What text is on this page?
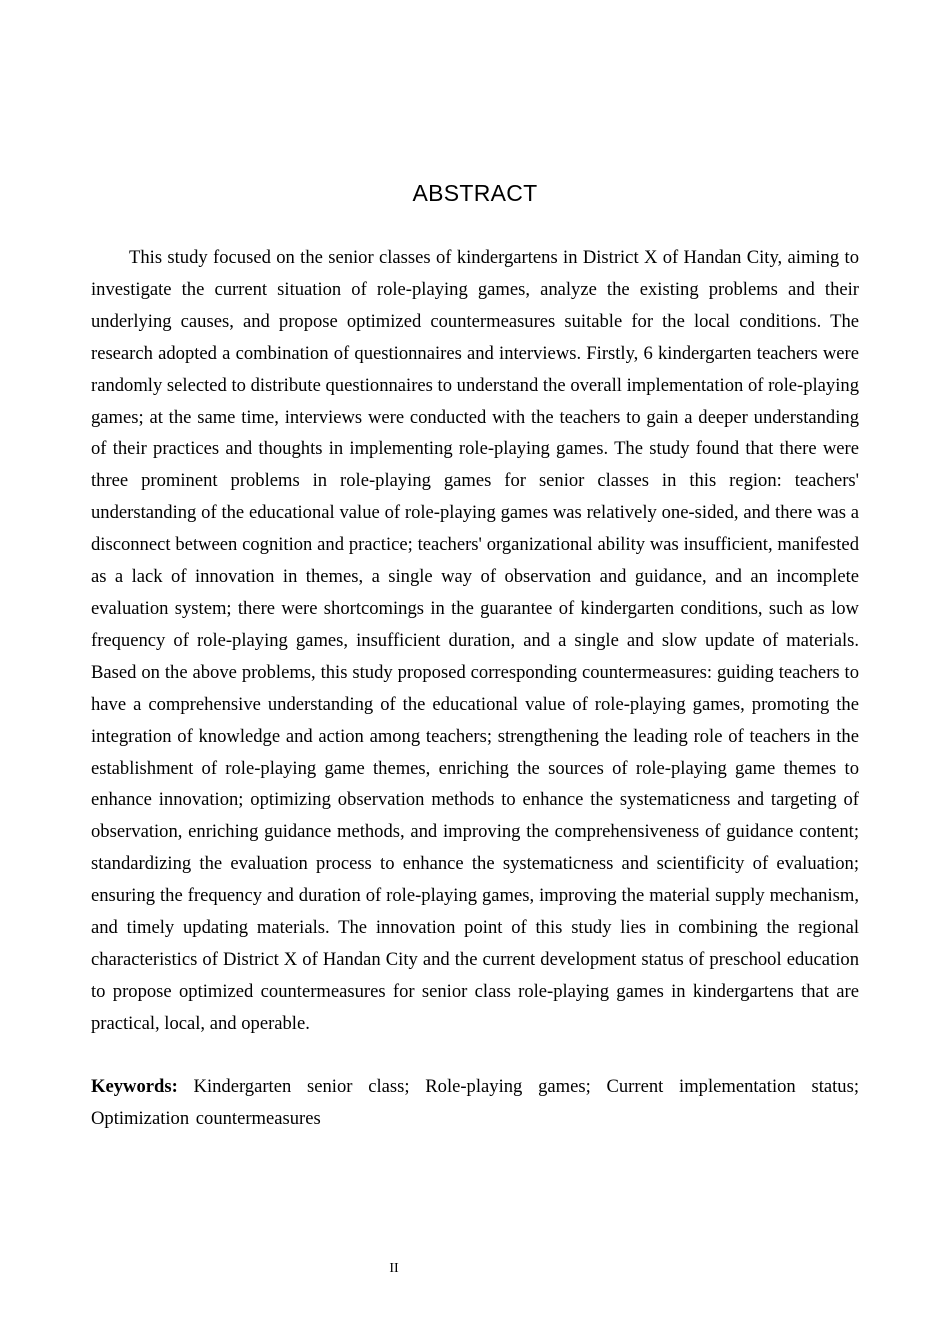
ABSTRACT

This study focused on the senior classes of kindergartens in District X of Handan City, aiming to investigate the current situation of role-playing games, analyze the existing problems and their underlying causes, and propose optimized countermeasures suitable for the local conditions. The research adopted a combination of questionnaires and interviews. Firstly, 6 kindergarten teachers were randomly selected to distribute questionnaires to understand the overall implementation of role-playing games; at the same time, interviews were conducted with the teachers to gain a deeper understanding of their practices and thoughts in implementing role-playing games. The study found that there were three prominent problems in role-playing games for senior classes in this region: teachers' understanding of the educational value of role-playing games was relatively one-sided, and there was a disconnect between cognition and practice; teachers' organizational ability was insufficient, manifested as a lack of innovation in themes, a single way of observation and guidance, and an incomplete evaluation system; there were shortcomings in the guarantee of kindergarten conditions, such as low frequency of role-playing games, insufficient duration, and a single and slow update of materials. Based on the above problems, this study proposed corresponding countermeasures: guiding teachers to have a comprehensive understanding of the educational value of role-playing games, promoting the integration of knowledge and action among teachers; strengthening the leading role of teachers in the establishment of role-playing game themes, enriching the sources of role-playing game themes to enhance innovation; optimizing observation methods to enhance the systematicness and targeting of observation, enriching guidance methods, and improving the comprehensiveness of guidance content; standardizing the evaluation process to enhance the systematicness and scientificity of evaluation; ensuring the frequency and duration of role-playing games, improving the material supply mechanism, and timely updating materials. The innovation point of this study lies in combining the regional characteristics of District X of Handan City and the current development status of preschool education to propose optimized countermeasures for senior class role-playing games in kindergartens that are practical, local, and operable.

Keywords: Kindergarten senior class; Role-playing games; Current implementation status; Optimization countermeasures

II
